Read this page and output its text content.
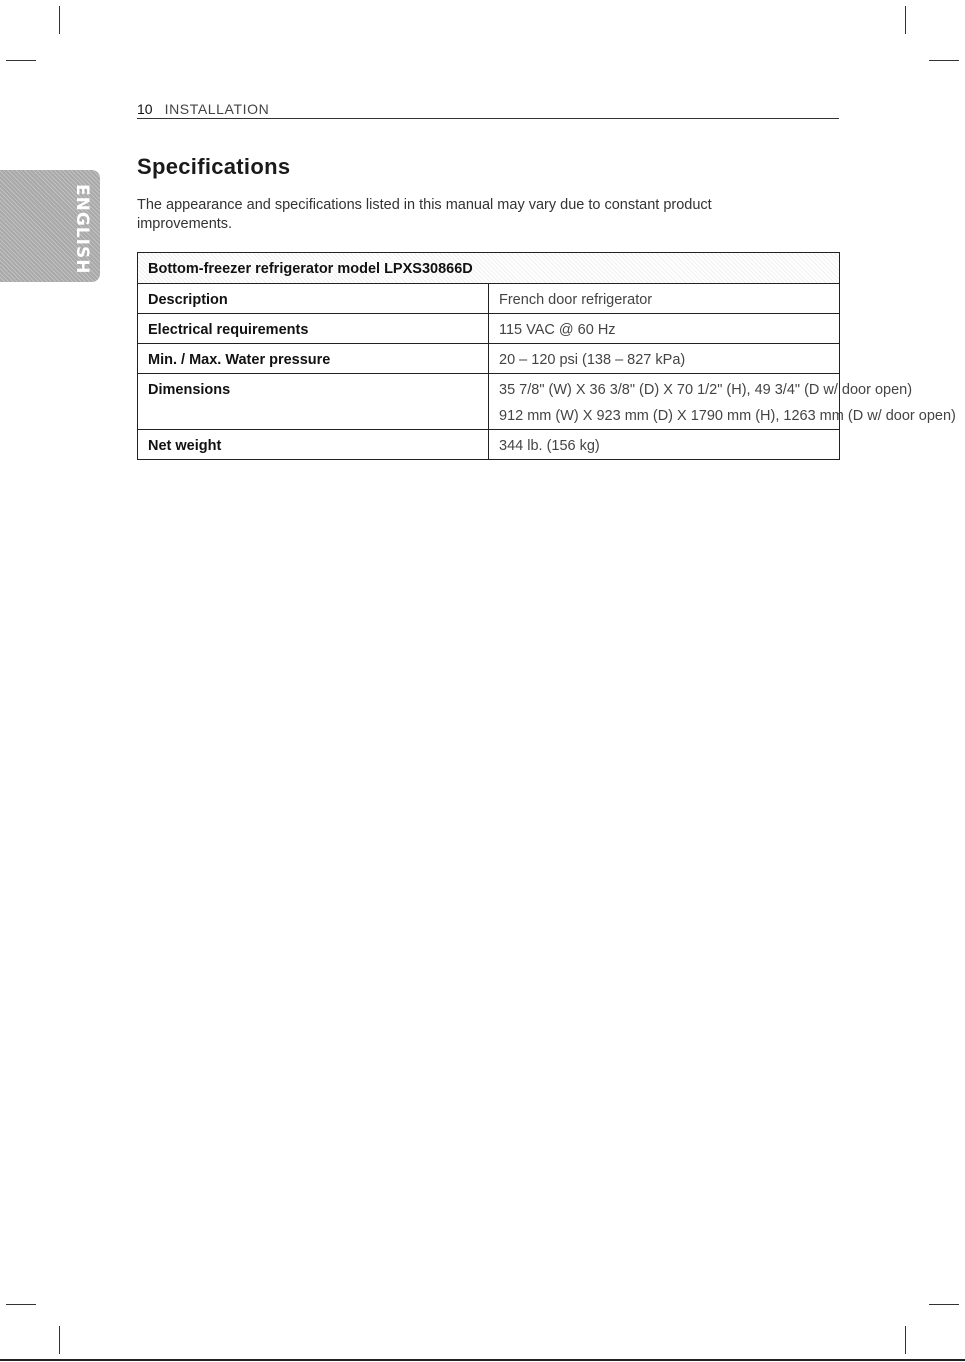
ENGLISH
10 INSTALLATION
Specifications

The appearance and specifications listed in this manual may vary due to constant product improvements.

Bottom-freezer refrigerator model LPXS30866D	
Description	French door refrigerator

Electrical requirements	115 VAC @ 60 Hz

Min. / Max. Water pressure	20 – 120 psi (138 – 827 kPa)

Dimensions	35 7/8" (W) X 36 3/8" (D) X 70 1/2" (H), 49 3/4" (D w/ door open)
912 mm (W) X 923 mm (D) X 1790 mm (H), 1263 mm (D w/ door open)

Net weight	344 lb. (156 kg)
